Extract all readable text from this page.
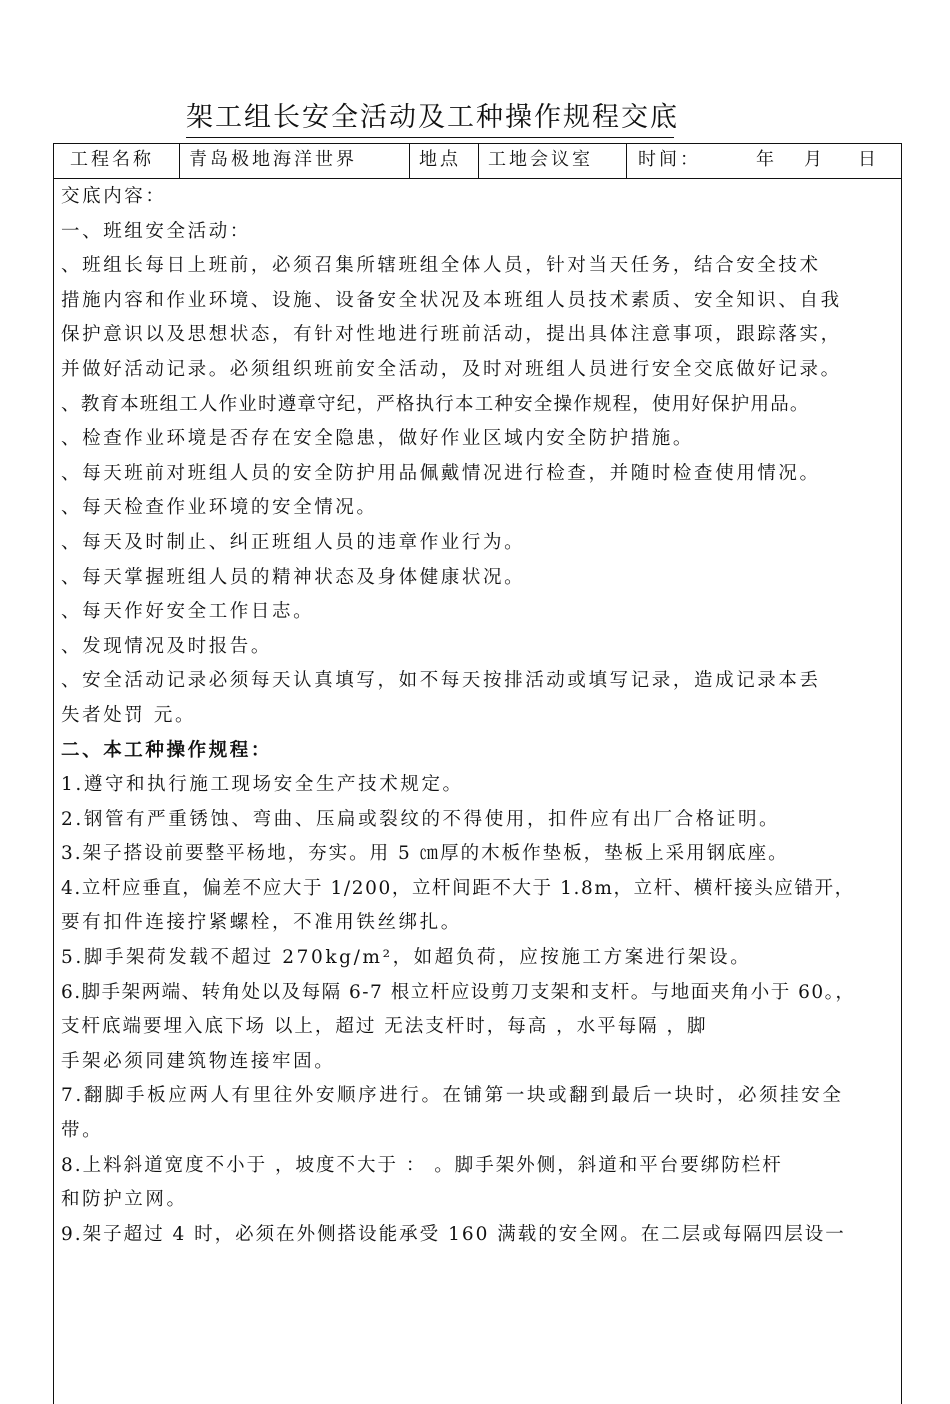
架工组长安全活动及工种操作规程交底
工程名称 青岛极地海洋世界	地点 工地会议室	时间：	年 月 日
交底内容：
一、班组安全活动：
、班组长每日上班前，必须召集所辖班组全体人员，针对当天任务，结合安全技术
措施内容和作业环境、设施、设备安全状况及本班组人员技术素质、安全知识、自我
保护意识以及思想状态，有针对性地进行班前活动，提出具体注意事项，跟踪落实，
并做好活动记录。必须组织班前安全活动，及时对班组人员进行安全交底做好记录。
、教育本班组工人作业时遵章守纪，严格执行本工种安全操作规程，使用好保护用品。
、检查作业环境是否存在安全隐患，做好作业区域内安全防护措施。
、每天班前对班组人员的安全防护用品佩戴情况进行检查，并随时检查使用情况。
、每天检查作业环境的安全情况。
、每天及时制止、纠正班组人员的违章作业行为。
、每天掌握班组人员的精神状态及身体健康状况。
、每天作好安全工作日志。
、发现情况及时报告。
、安全活动记录必须每天认真填写，如不每天按排活动或填写记录，造成记录本丢
失者处罚 元。
二、本工种操作规程：
1.遵守和执行施工现场安全生产技术规定。
2.钢管有严重锈蚀、弯曲、压扁或裂纹的不得使用，扣件应有出厂合格证明。
3.架子搭设前要整平杨地，夯实。用 5 ㎝厚的木板作垫板，垫板上采用钢底座。
4.立杆应垂直，偏差不应大于 1/200，立杆间距不大于 1.8m，立杆、横杆接头应错开，
要有扣件连接拧紧螺栓，不准用铁丝绑扎。
5.脚手架荷发载不超过 270kg/m²，如超负荷，应按施工方案进行架设。
6.脚手架两端、转角处以及每隔 6-7 根立杆应设剪刀支架和支杆。与地面夹角小于 60。，
支杆底端要埋入底下场 以上，超过 无法支杆时，每高 ，水平每隔 ，脚
手架必须同建筑物连接牢固。
7.翻脚手板应两人有里往外安顺序进行。在铺第一块或翻到最后一块时，必须挂安全
带。
8.上料斜道宽度不小于 ，坡度不大于 ： 。脚手架外侧，斜道和平台要绑防栏杆
和防护立网。
9.架子超过 4 时，必须在外侧搭设能承受 160 满载的安全网。在二层或每隔四层设一
